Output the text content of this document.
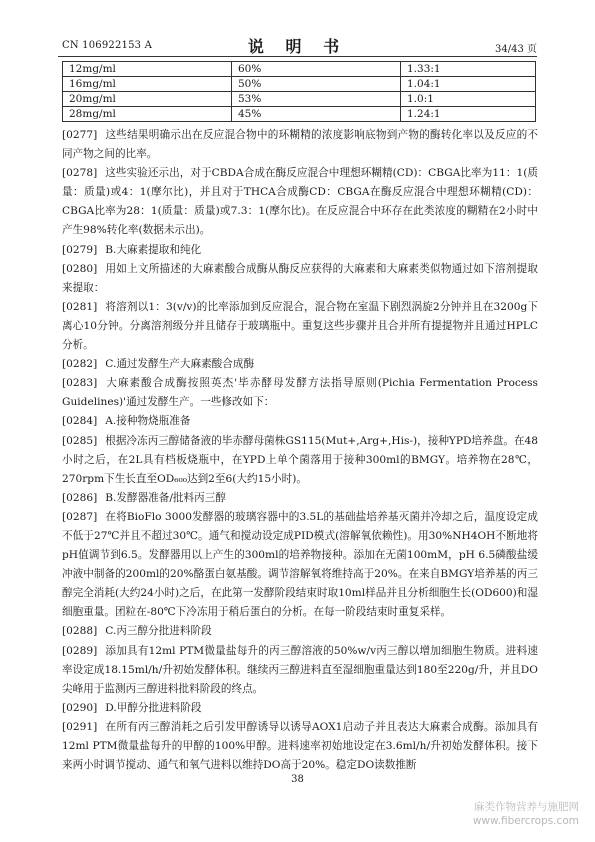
CN 106922153 A	说 明 书	34/43 页
12mg/ml	60%	1.33:1
16mg/ml	50%	1.04:1
20mg/ml	53%	1.0:1
28mg/ml	45%	1.24:1

[0277] 这些结果明确示出在反应混合物中的环糊精的浓度影响底物到产物的酶转化率以及反应的不同产物之间的比率。

[0278] 这些实验还示出，对于CBDA合成在酶反应混合中理想环糊精(CD)：CBGA比率为11：1(质量：质量)或4：1(摩尔比)，并且对于THCA合成酶CD：CBGA在酶反应混合中理想环糊精(CD)：CBGA比率为28：1(质量：质量)或7.3：1(摩尔比)。在反应混合中环存在此类浓度的糊精在2小时中产生98%转化率(数据未示出)。

[0279] B.大麻素提取和纯化

[0280] 用如上文所描述的大麻素酸合成酶从酶反应获得的大麻素和大麻素类似物通过如下溶剂提取来提取：

[0281] 将溶剂以1：3(v/v)的比率添加到反应混合，混合物在室温下剧烈涡旋2分钟并且在3200g下离心10分钟。分离溶剂级分并且储存于玻璃瓶中。重复这些步骤并且合并所有提提物并且通过HPLC分析。

[0282] C.通过发酵生产大麻素酸合成酶

[0283] 大麻素酸合成酶按照英杰'毕赤酵母发酵方法指导原则(Pichia Fermentation Process Guidelines)'通过发酵生产。一些修改如下：

[0284] A.接种物烧瓶准备

[0285] 根据冷冻丙三醇储备液的毕赤酵母菌株GS115(Mut+,Arg+,His-)，接种YPD培养盘。在48小时之后，在2L具有档板烧瓶中，在YPD上单个菌落用于接种300ml的BMGY。培养物在28℃，270rpm下生长直至OD₆₀₀达到2至6(大约15小时)。

[0286] B.发酵器准备/批料丙三醇

[0287] 在将BioFlo 3000发酵器的玻璃容器中的3.5L的基础盐培养基灭菌并冷却之后，温度设定成不低于27℃并且不超过30℃。通气和搅动设定成PID模式(溶解氧依赖性)。用30%NH4OH不断地将pH值调节到6.5。发酵器用以上产生的300ml的培养物接种。添加在无菌100mM，pH 6.5磷酸盐缓冲液中制备的200ml的20%酪蛋白氨基酸。调节溶解氧将维持高于20%。在来自BMGY培养基的丙三醇完全消耗(大约24小时)之后，在此第一发酵阶段结束时取10ml样品并且分析细胞生长(OD600)和湿细胞重量。团粒在-80℃下冷冻用于稍后蛋白的分析。在每一阶段结束时重复采样。

[0288] C.丙三醇分批进料阶段

[0289] 添加具有12ml PTM微量盐每升的丙三醇溶液的50%w/v丙三醇以增加细胞生物质。进料速率设定成18.15ml/h/升初始发酵体积。继续丙三醇进料直至湿细胞重量达到180至220g/升，并且DO尖峰用于监测丙三醇进料批料阶段的终点。

[0290] D.甲醇分批进料阶段

[0291] 在所有丙三醇消耗之后引发甲醇诱导以诱导AOX1启动子并且表达大麻素合成酶。添加具有12ml PTM微量盐每升的甲醇的100%甲醇。进料速率初始地设定在3.6ml/h/升初始发酵体积。接下来两小时调节搅动、通气和氧气进料以维持DO高于20%。稳定DO读数推断

38
麻类作物营养与施肥网
www.fibercrops.com
